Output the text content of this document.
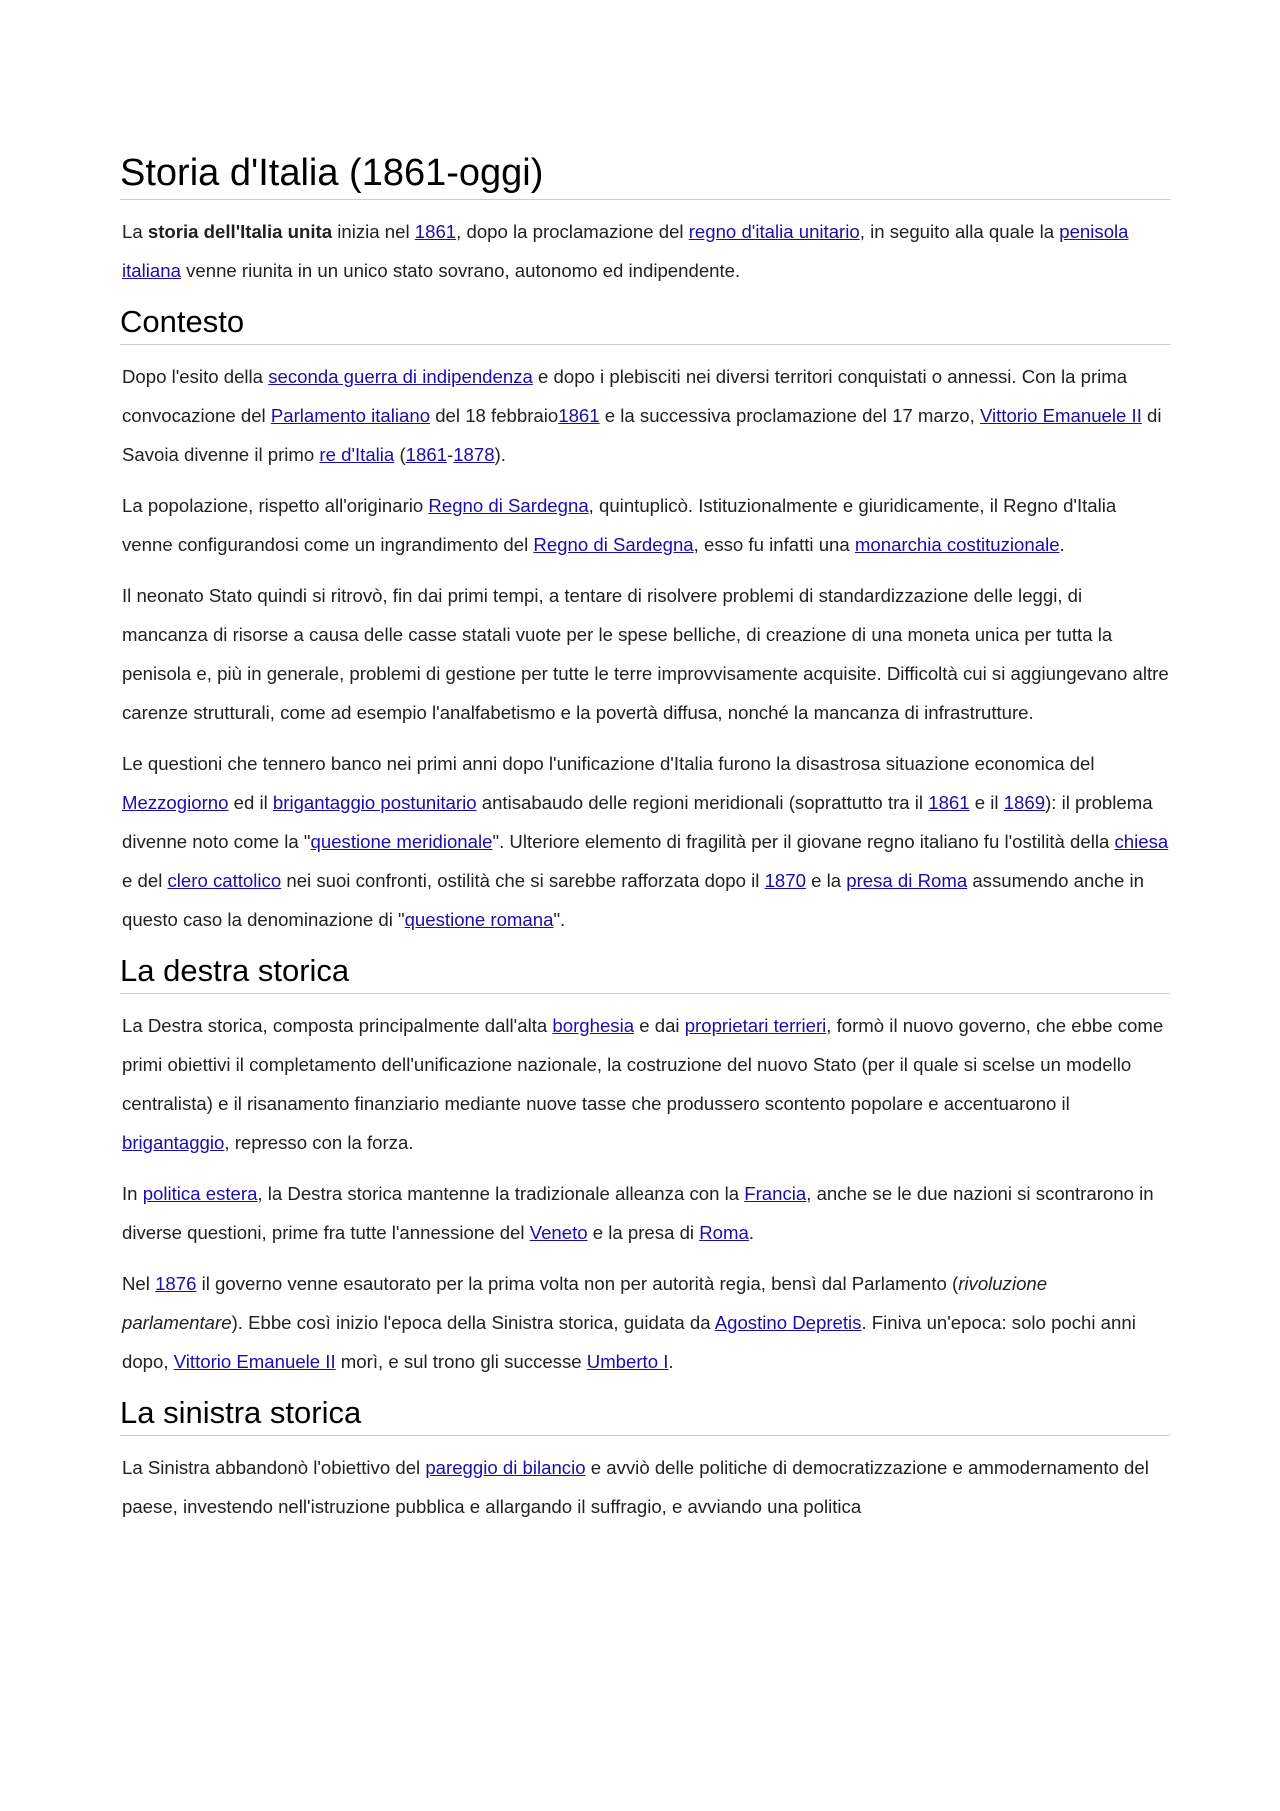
Storia d'Italia (1861-oggi)

La storia dell'Italia unita inizia nel 1861, dopo la proclamazione del regno d'italia unitario, in seguito alla quale la penisola italiana venne riunita in un unico stato sovrano, autonomo ed indipendente.

Contesto

Dopo l'esito della seconda guerra di indipendenza e dopo i plebisciti nei diversi territori conquistati o annessi. Con la prima convocazione del Parlamento italiano del 18 febbraio1861 e la successiva proclamazione del 17 marzo, Vittorio Emanuele II di Savoia divenne il primo re d'Italia (1861-1878).

La popolazione, rispetto all'originario Regno di Sardegna, quintuplicò. Istituzionalmente e giuridicamente, il Regno d'Italia venne configurandosi come un ingrandimento del Regno di Sardegna, esso fu infatti una monarchia costituzionale.

Il neonato Stato quindi si ritrovò, fin dai primi tempi, a tentare di risolvere problemi di standardizzazione delle leggi, di mancanza di risorse a causa delle casse statali vuote per le spese belliche, di creazione di una moneta unica per tutta la penisola e, più in generale, problemi di gestione per tutte le terre improvvisamente acquisite. Difficoltà cui si aggiungevano altre carenze strutturali, come ad esempio l'analfabetismo e la povertà diffusa, nonché la mancanza di infrastrutture.

Le questioni che tennero banco nei primi anni dopo l'unificazione d'Italia furono la disastrosa situazione economica del Mezzogiorno ed il brigantaggio postunitario antisabaudo delle regioni meridionali (soprattutto tra il 1861 e il 1869): il problema divenne noto come la "questione meridionale". Ulteriore elemento di fragilità per il giovane regno italiano fu l'ostilità della chiesa e del clero cattolico nei suoi confronti, ostilità che si sarebbe rafforzata dopo il 1870 e la presa di Roma assumendo anche in questo caso la denominazione di "questione romana".

La destra storica

La Destra storica, composta principalmente dall'alta borghesia e dai proprietari terrieri, formò il nuovo governo, che ebbe come primi obiettivi il completamento dell'unificazione nazionale, la costruzione del nuovo Stato (per il quale si scelse un modello centralista) e il risanamento finanziario mediante nuove tasse che produssero scontento popolare e accentuarono il brigantaggio, represso con la forza.

In politica estera, la Destra storica mantenne la tradizionale alleanza con la Francia, anche se le due nazioni si scontrarono in diverse questioni, prime fra tutte l'annessione del Veneto e la presa di Roma.

Nel 1876 il governo venne esautorato per la prima volta non per autorità regia, bensì dal Parlamento (rivoluzione parlamentare). Ebbe così inizio l'epoca della Sinistra storica, guidata da Agostino Depretis. Finiva un'epoca: solo pochi anni dopo, Vittorio Emanuele II morì, e sul trono gli successe Umberto I.

La sinistra storica

La Sinistra abbandonò l'obiettivo del pareggio di bilancio e avviò delle politiche di democratizzazione e ammodernamento del paese, investendo nell'istruzione pubblica e allargando il suffragio, e avviando una politica
